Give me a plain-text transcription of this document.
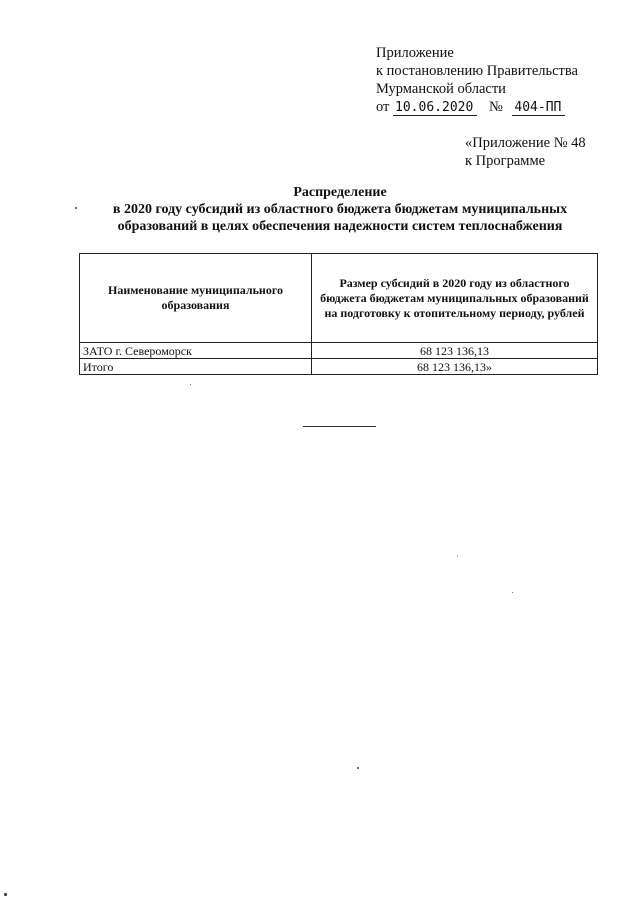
Приложение
к постановлению Правительства
Мурманской области
от 10.06.2020 № 404-ПП
«Приложение № 48
к Программе
Распределение
в 2020 году субсидий из областного бюджета бюджетам муниципальных
образований в целях обеспечения надежности систем теплоснабжения
Наименование муниципального образования	Размер субсидий в 2020 году из областного бюджета бюджетам муниципальных образований на подготовку к отопительному периоду, рублей
ЗАТО г. Североморск	68 123 136,13
Итого	68 123 136,13»
